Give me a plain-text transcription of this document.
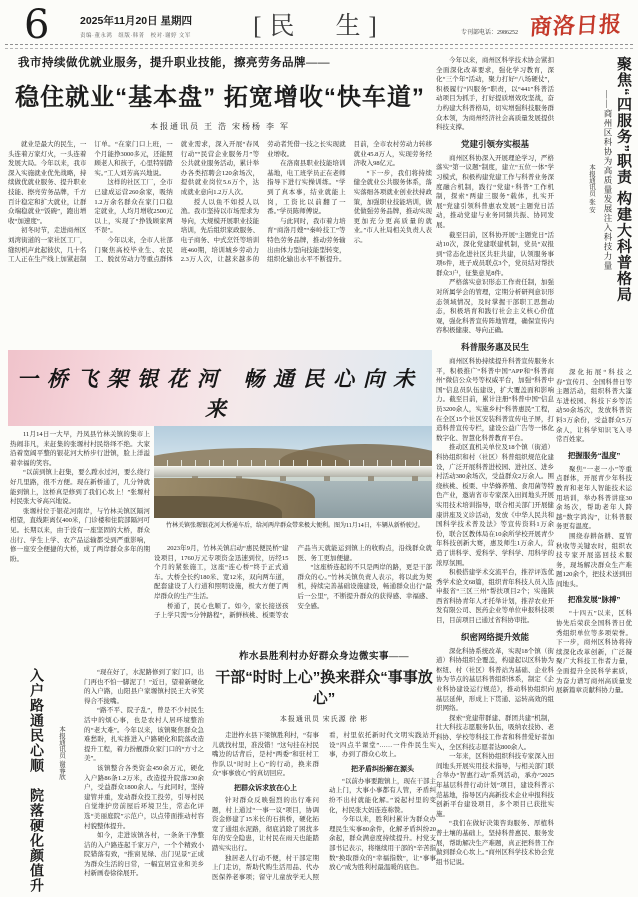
6	2025年11月20日 星期四
责编·董永鸿　组版·韩菁　校对·谢婷 文军 [民　生]	专刊部电话：2986252 商洛日报
我市持续做优就业服务，提升职业技能，擦亮劳务品牌——
稳住就业“基本盘” 拓宽增收“快车道”
本报通讯员 王 浩 宋杨杨 李 军

就业是最大的民生，一头连着万家灯火，一头连着发展大局。今年以来，我市深入实施就业优先战略，持续做优就业服务、提升职业技能、擦亮劳务品牌，千方百计稳定和扩大就业，让群众端稳就业“饭碗”，跑出增收“加速度”。

初冬时节，走进商州区刘湾街道的一家社区工厂，缝纫机声此起彼伏，几十名工人正在生产线上加紧赶制订单。“在家门口上班，一个月能挣3000多元，还能照顾老人和孩子，心里特别踏实。”工人刘芳高兴地说。

这样的社区工厂，全市已建成运营260余家，吸纳1.2万余名群众在家门口稳定就业，人均月增收2500元以上，实现了“挣钱顾家两不误”。

今年以来，全市人社部门聚焦高校毕业生、农民工、脱贫劳动力等重点群体就业需求，深入开展“春风行动”“民营企业服务月”等公共就业服务活动，累计举办各类招聘会120余场次，提供就业岗位5.6万个，达成就业意向1.2万人次。

授人以鱼不如授人以渔。我市坚持以市场需求为导向，大规模开展职业技能培训，先后组织家政服务、电子商务、中式烹饪等培训班460期，培训城乡劳动力2.3万人次，让越来越多的劳动者凭借一技之长实现就业增收。

在洛南县职业技能培训基地，电工班学员正在老师指导下进行实操训练。“学到了真本事，结业就能上岗，工资比以前翻了一番。”学员陈师傅说。

与此同时，我市着力培育“商洛月嫂”“秦岭技工”等特色劳务品牌，推动劳务输出由体力型向技能型转变，组织化输出水平不断提升。目前，全市农村劳动力转移就业45.8万人，实现劳务经济收入98亿元。

“下一步，我们将持续健全就业公共服务体系，落实落细各项就业创业扶持政策，加强职业技能培训，做优做强劳务品牌，推动实现更加充分更高质量的就业。”市人社局相关负责人表示。

今年以来，商州区科学技术协会紧扣全面深化改革要求，强化学习教育，深化“三个年”活动，聚力打好“八场硬仗”，积极履行“四服务”职责，以“441”科普活动项目为抓手，打好提质增效攻坚战，奋力构建大科普格局，切实增强科技服务群众本领，为商州经济社会高质量发展提供科技支撑。

党建引领夯实根基

商州区科协深入开展理论学习，严格落实“第一议题”制度，建立“五位一体”学习模式，积极构建党建工作与科普业务深度融合机制，践行“党建+科普”工作机制，探索“两建三服务”载体，扎实开展“党建引领科普惠农发展”主题党日活动，推动党建与业务同频共振、协同发展。

截至目前，区科协开展“主题党日”活动10次，深化党建联建机制，党员“双报到”常态化进社区共驻共建，认领服务事项6件，班子成员联点3个，党员结对帮扶群众3户，征集意见8件。

严格落实意识形态工作责任制，加强对所属学会的管理，定期分析研判意识形态领域情况，及时掌握干部职工思想动态，积极培育和践行社会主义核心价值观，强化科普宣传阵地管理，确保宣传内容积极健康、导向正确。

科普服务惠及民生

商州区科协持续提升科普宣传服务水平，积极推广“科普中国”APP和“科普商州”微信公众号等权威平台，加强“科普中国”信息员队伍建设，扩大覆盖面和影响力。截至目前，累计注册“科普中国”信息员3200余人，实施乡村“科普惠民”工程，在全区15个社区安装科普宣传电子屏，打造科普宣传专栏，建设公益广告等一体化数字化、智慧化科普教育平台。

推动区直机关单位及18个镇（街道）科协组织和村（社区）科普组织规范化建设，广泛开展科普进校园、进社区、进乡村活动380余场次，受益群众2万余人。围绕核桃、板栗、中华蜂养殖、食用菌等特色产业，邀请省市专家深入田间地头开展实用技术培训指导，联合相关部门开展健康讲座及义诊活动，发放《中华人民共和国科学技术普及法》等宣传资料1万余份，联合区教体局在10余所学校开展青少年科技创新大赛，惠及师生1万余人，营造了讲科学、爱科学、学科学、用科学的浓厚氛围。

积极搭建学术交流平台，推荐评选优秀学术论文68篇，组织青年科技人员入选申报省“三区三州”帮扶项目2个；实施陕西省科协青年人才托举计划，推荐农业开发有限公司、医药企业等单位申报科技项目，目前项目已通过省科协审批。

织密网络提升效能

深化科协系统改革，实现18个镇（街道）科协组织全覆盖，构建起以区科协为枢纽、村（社区）科普站为基础、企业科协为节点的基层科普组织体系，制定《企业科协建设运行规范》，推动科协组织向基层延伸，形成上下贯通、运转高效的组织网络。

探索“党建带群建、群团共建”机制，壮大科技志愿服务队伍，吸纳农技协、老科协、学校等科技工作者和科普爱好者加入，全区科技志愿者达800余人。

一年来，区科协组织科技专家深入田间地头开展实用技术指导，与相关部门联合举办“智惠行动”系列活动，承办“2025年基层科普行动计划”项目，建设科普示范基地，指导区内高新技术企业申报科技创新平台建设项目，多个项目已获批实施。

“我们在做好决策咨询服务、厚植科普土壤的基础上，坚持科普惠民、服务发展，帮助解决生产难题，真正把科普工作做到群众心坎上。”商州区科学技术协会党组书记说。

聚焦“四服务”职责 构建大科普格局
——商州区科协为高质量发展注入科技力量
本报通讯员 张 安

深化拓展“科技之春”宣传月、全国科普日等主题活动，组织科普大篷车进校园、科技下乡等活动50余场次，发放科普资料3万余份，受益群众5万余人，让科学知识飞入寻常百姓家。

把握服务“温度”

聚焦“一老一小”等重点群体，开展青少年科技教育和老年人智能技术运用培训，举办科普讲座30余场次，帮助老年人跨越“数字鸿沟”，让科普服务更有温度。

围绕春耕备耕、夏管秋收等关键农时，组织农技专家开展巡回技术服务，现场解决群众生产难题120余个，把技术送到田间地头。

把准发展“脉搏”

“十四五”以来，区科协先后荣获全国科普日优秀组织单位等多项荣誉。下一步，商州区科协将持续深化改革创新，广泛凝聚广大科技工作者力量，全面提升全民科学素质，为奋力谱写商州高质量发展新篇章贡献科协力量。

一桥飞架银花河 畅通民心向未来

11月14日一大早，丹凤县竹林关镇的集市上热闹非凡，来赶集的张塬村村民络绎不绝。大家沿着宽阔平整的银花河大桥步行进镇，脸上洋溢着幸福的笑容。

“以前到镇上赶集，要么蹚水过河，要么绕行好几里路，很不方便。现在新桥通了，几分钟就能到镇上，这桥真是修到了我们心坎上！”张塬村村民张大爷高兴地说。

张塬村位于银花河南岸，与竹林关镇区隔河相望，直线距离仅400米，门诊楼和住院部隔河可见。长期以来，由于没有一座坚固的大桥，群众出行、学生上学、农产品运输都受到严重影响，修一座安全便捷的大桥，成了两岸群众多年的期盼。

竹林关镇张塬银花河大桥通车后，给河两岸群众带来极大便利。图为11月14日，车辆从新桥驶过。

2023年9月，竹林关镇启动“惠民便民桥”建设项目，1760万元专项资金迅速到位，历经15个月的紧张施工，这座“连心桥”终于正式通车。大桥全长约180米、宽12米，双向两车道，配套建设了人行道和照明设施，极大方便了两岸群众的生产生活。

桥通了，民心也顺了。如今，家长接送孩子上学只需“5分钟路程”，新鲜核桃、板栗等农产品当天就能运到镇上的收购点，沿线群众就医、务工更加便捷。

“这座桥连起的不只是两岸的路，更是干部群众的心。”竹林关镇负责人表示，将以此为契机，持续完善基础设施建设，畅通群众出行“最后一公里”，不断提升群众的获得感、幸福感、安全感。

入户路通民心顺　院落硬化颜值升	本报通讯员 谢蓉欣

“现在好了，水泥路修到了家门口，出门再也不怕一脚泥了！”近日，望着新硬化的入户路，山阳县户家塬镇村民王大爷笑得合不拢嘴。

“路不平、院子乱”，曾是不少村民生活中的烦心事，也是农村人居环境整治的“老大难”。今年以来，该镇聚焦群众急难愁盼，扎实推进入户路硬化和院落改造提升工程，着力扮靓群众家门口的“方寸之美”。

该镇整合各类资金450余万元，硬化入户路86条1.2万米，改造提升院落230余户，受益群众1800余人。与此同时，坚持建管并重，发动群众投工投劳，引导村民自觉维护房前屋后环境卫生，常态化评选“美丽庭院”示范户，以点带面推动村容村貌整体提升。

如今，走进该镇各村，一条条干净整洁的入户路连起千家万户，一个个精致小院错落有致，“推窗见绿、出门见景”正成为群众生活的日常，一幅宜居宜业和美乡村新画卷徐徐展开。

柞水县胜利村办好群众身边微实事——
干部“时时上心”换来群众“事事放心”
本报通讯员 宋氏源 徐 彬

走进柞水县下梁镇胜利村，“有事儿就找村里，准没错！”这句挂在村民嘴边的话背后，是村“两委”和驻村工作队以“时时上心”的行动，换来群众“事事放心”的真切回应。

把群众诉求放在心上

针对群众反映强烈的出行难问题，村上通过“一事一议”项目，协调资金修建了15米长的石拱桥，硬化拓宽了通组水泥路，彻底消除了困扰多年的安全隐患，让村民在雨天也能踏踏实实出行。

独居老人行动不便，村干部定期上门走访，帮助代购生活用品、代办医保养老事项；留守儿童放学无人照看，村里依托新时代文明实践站开设“四点半课堂”……一件件民生实事，办到了群众心坎上。

把矛盾纠纷解在源头

“以前办事要跑镇上，现在干部主动上门，大事小事都有人管，矛盾纠纷不出村就能化解。”说起村里的变化，村民张大妈连连称赞。

今年以来，胜利村累计为群众办理民生实事80余件，化解矛盾纠纷20余起，群众满意度持续提升。村党支部书记表示，将继续用干部的“辛苦指数”换取群众的“幸福指数”，让“事事放心”成为胜利村最温暖的底色。
